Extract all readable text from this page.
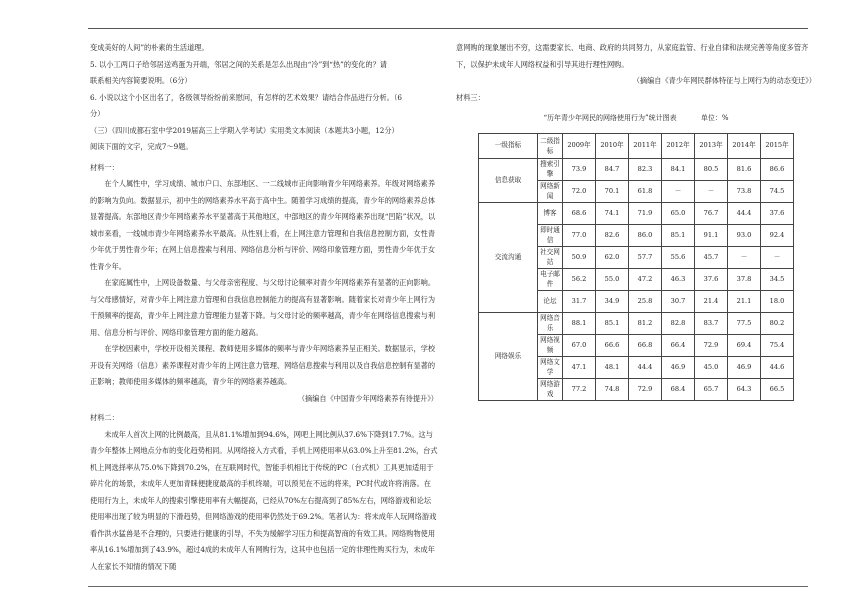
变成美好的人间”的朴素的生活道理。

5. 以小工两口子给邻居送鸡蛋为开端，邻居之间的关系是怎么出现由“冷”到“热”的变化的？请

联系相关内容简要说明。（6分）

6. 小说以这个小区出名了，各级领导纷纷前来慰问，有怎样的艺术效果？请结合作品进行分析。（6

分）

（三）（四川成都石室中学2019届高三上学期入学考试）实用类文本阅读（本题共3小题，12分）

阅读下面的文字，完成7～9题。

材料一：

在个人属性中，学习成绩、城市户口、东部地区、一二线城市正向影响青少年网络素养。年级对网络素养的影响为负向。数据显示，初中生的网络素养水平高于高中生。随着学习成绩的提高，青少年的网络素养总体显著提高。东部地区青少年网络素养水平显著高于其他地区，中部地区的青少年网络素养出现“凹陷”状况，以城市来看，一线城市青少年网络素养水平最高。从性别上看，在上网注意力管理和自我信息控制方面，女性青少年优于男性青少年；在网上信息搜索与利用、网络信息分析与评价、网络印象管理方面，男性青少年优于女性青少年。

在家庭属性中，上网设备数量、与父母亲密程度、与父母讨论频率对青少年网络素养有显著的正向影响。与父母感情好，对青少年上网注意力管理和自我信息控制能力的提高有显著影响。随着家长对青少年上网行为干预频率的提高，青少年上网注意力管理能力显著下降。与父母讨论的频率越高，青少年在网络信息搜索与利用、信息分析与评价、网络印象管理方面的能力越高。

在学校因素中，学校开设相关课程、教师使用多媒体的频率与青少年网络素养呈正相关。数据显示，学校开设有关网络（信息）素养课程对青少年的上网注意力管理、网络信息搜索与利用以及自我信息控制有显著的正影响；教师使用多媒体的频率越高，青少年的网络素养越高。

（摘编自《中国青少年网络素养有待提升》）

材料二：

未成年人首次上网的比例最高，且从81.1%增加到94.6%，网吧上网比例从37.6%下降到17.7%。这与青少年整体上网地点分布的变化趋势相同。从网络接入方式看，手机上网使用率从63.0%上升至81.2%，台式机上网选择率从75.0%下降到70.2%，在互联网时代，智能手机相比于传统的PC（台式机）工具更加适用于碎片化的场景，未成年人更加青睐便捷度最高的手机终端，可以预见在不远的将来，PC时代或许将消落。在使用行为上，未成年人的搜索引擎使用率有大幅提高，已经从70%左右提高到了85%左右，网络游戏和论坛使用率出现了较为明显的下滑趋势，但网络游戏的使用率仍然处于69.2%。笔者认为：将未成年人玩网络游戏看作洪水猛兽是不合理的，只要进行健康的引导，不失为缓解学习压力和提高智商的有效工具。网络购物使用率从16.1%增加到了43.9%，超过4成的未成年人有网购行为，这其中也包括一定的非理性购买行为，未成年人在家长不知情的情况下随

意网购的现象屡出不穷，这需要家长、电商、政府的共同努力，从家庭监管、行业自律和法规完善等角度多管齐下，以保护未成年人网络权益和引导其进行理性网购。

（摘编自《青少年网民群体特征与上网行为的动态变迁》）

材料三：

“历年青少年网民的网络使用行为”统计图表	单位：%
一级指标	二级指标	2009年	2010年	2011年	2012年	2013年	2014年	2015年
信息获取	搜索引擎	73.9	84.7	82.3	84.1	80.5	81.6	86.6
	网络新闻	72.0	70.1	61.8	－	－	73.8	74.5
交流沟通	博客	68.6	74.1	71.9	65.0	76.7	44.4	37.6
	即时通信	77.0	82.6	86.0	85.1	91.1	93.0	92.4
	社交网站	50.9	62.0	57.7	55.6	45.7	－	－
	电子邮件	56.2	55.0	47.2	46.3	37.6	37.8	34.5
	论坛	31.7	34.9	25.8	30.7	21.4	21.1	18.0
网络娱乐	网络音乐	88.1	85.1	81.2	82.8	83.7	77.5	80.2
	网络视频	67.0	66.6	66.8	66.4	72.9	69.4	75.4
	网络文学	47.1	48.1	44.4	46.9	45.0	46.9	44.6
	网络游戏	77.2	74.8	72.9	68.4	65.7	64.3	66.5
